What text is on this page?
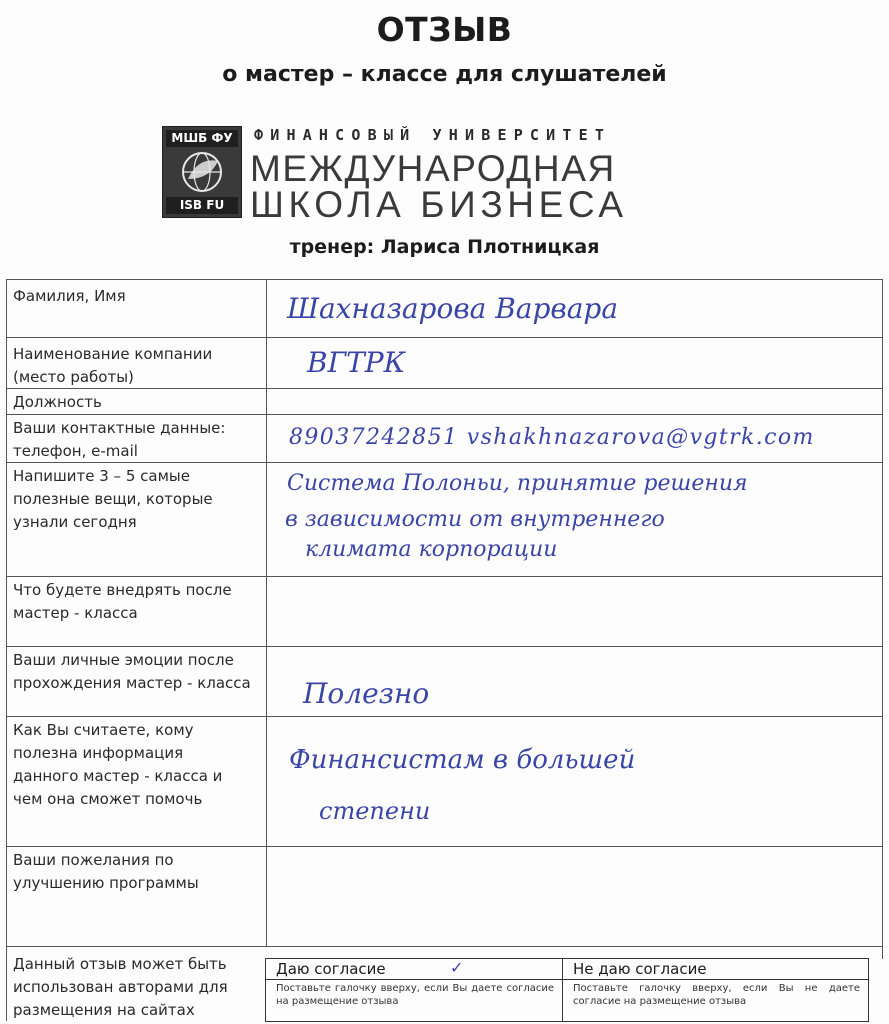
ОТЗЫВ
о мастер – классе для слушателей
МШБ ФУ
ISB FU
ФИНАНСОВЫЙ УНИВЕРСИТЕТ
МЕЖДУНАРОДНАЯ
ШКОЛА БИЗНЕСА
тренер: Лариса Плотницкая
Фамилия, Имя	Шахназарова Варвара
Наименование компании (место работы)	ВГТРК
Должность
Ваши контактные данные: телефон, e-mail
89037242851 vshakhnazarova@vgtrk.com
Напишите 3 – 5 самые полезные вещи, которые узнали сегодня
Система Полоньи, принятие решения
в зависимости от внутреннего
климата корпорации
Что будете внедрять после мастер - класса
Ваши личные эмоции после прохождения мастер - класса Полезно
Как Вы считаете, кому полезна информация данного мастер - класса и чем она сможет помочь
Финансистам в большей
степени
Ваши пожелания по улучшению программы
Данный отзыв может быть использован авторами для размещения на сайтах
Даю согласие
Поставьте галочку вверху, если Вы даете согласие на размещение отзыва
Не даю согласие
Поставьте галочку вверху, если Вы не даете согласие на размещение отзыва
✓
